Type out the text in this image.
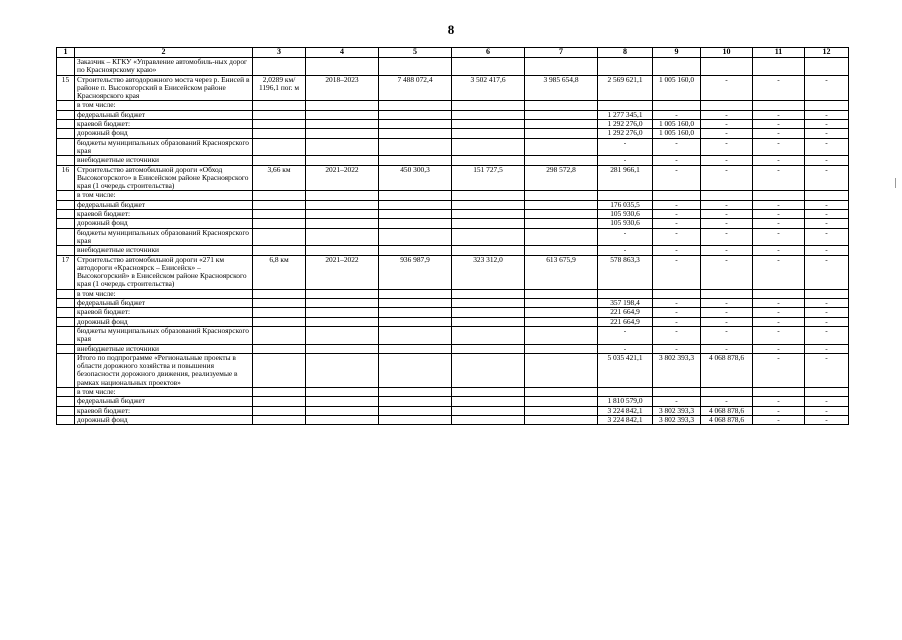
8
1	2	3	4	5	6	7	8	9	10	11	12
	Заказчик – КГКУ «Управление автомобиль-ных дорог по Красноярскому краю»										
15	Строительство автодорожного моста через р. Енисей в районе п. Высокогорский в Енисейском районе Красноярского края	2,0289 км/ 1196,1 пог. м	2018–2023	7 488 072,4	3 502 417,6	3 985 654,8	2 569 621,1	1 005 160,0	-	-	-
	в том числе:										
	федеральный бюджет						1 277 345,1	-	-	-	-
	краевой бюджет:						1 292 276,0	1 005 160,0	-	-	-
	дорожный фонд						1 292 276,0	1 005 160,0	-	-	-
	бюджеты муниципальных образований Красноярского края						-	-	-	-	-
	внебюджетные источники						-	-	-	-	-
16	Строительство автомобильной дороги «Обход Высокогорского» в Енисейском районе Красноярского края (1 очередь строительства)	3,66 км	2021–2022	450 300,3	151 727,5	298 572,8	281 966,1	-	-	-	-
	в том числе:										
	федеральный бюджет						176 035,5	-	-	-	-
	краевой бюджет:						105 930,6	-	-	-	-
	дорожный фонд						105 930,6	-	-	-	-
	бюджеты муниципальных образований Красноярского края						-	-	-	-	-
	внебюджетные источники						-	-	-	-	-
17	Строительство автомобильной дороги «271 км автодороги «Красноярск – Енисейск» – Высокогорский» в Енисейском районе Красноярского края (1 очередь строительства)	6,8 км	2021–2022	936 987,9	323 312,0	613 675,9	578 863,3	-	-	-	-
	в том числе:										
	федеральный бюджет						357 198,4	-	-	-	-
	краевой бюджет:						221 664,9	-	-	-	-
	дорожный фонд						221 664,9	-	-	-	-
	бюджеты муниципальных образований Красноярского края						-	-	-	-	-
	внебюджетные источники						-	-	-	-	-
	Итого по подпрограмме «Региональные проекты в области дорожного хозяйства и повышения безопасности дорожного движения, реализуемые в рамках национальных проектов»						5 035 421,1	3 802 393,3	4 068 878,6	-	-
	в том числе:										
	федеральный бюджет						1 810 579,0	-	-	-	-
	краевой бюджет:						3 224 842,1	3 802 393,3	4 068 878,6	-	-
	дорожный фонд						3 224 842,1	3 802 393,3	4 068 878,6	-	-
